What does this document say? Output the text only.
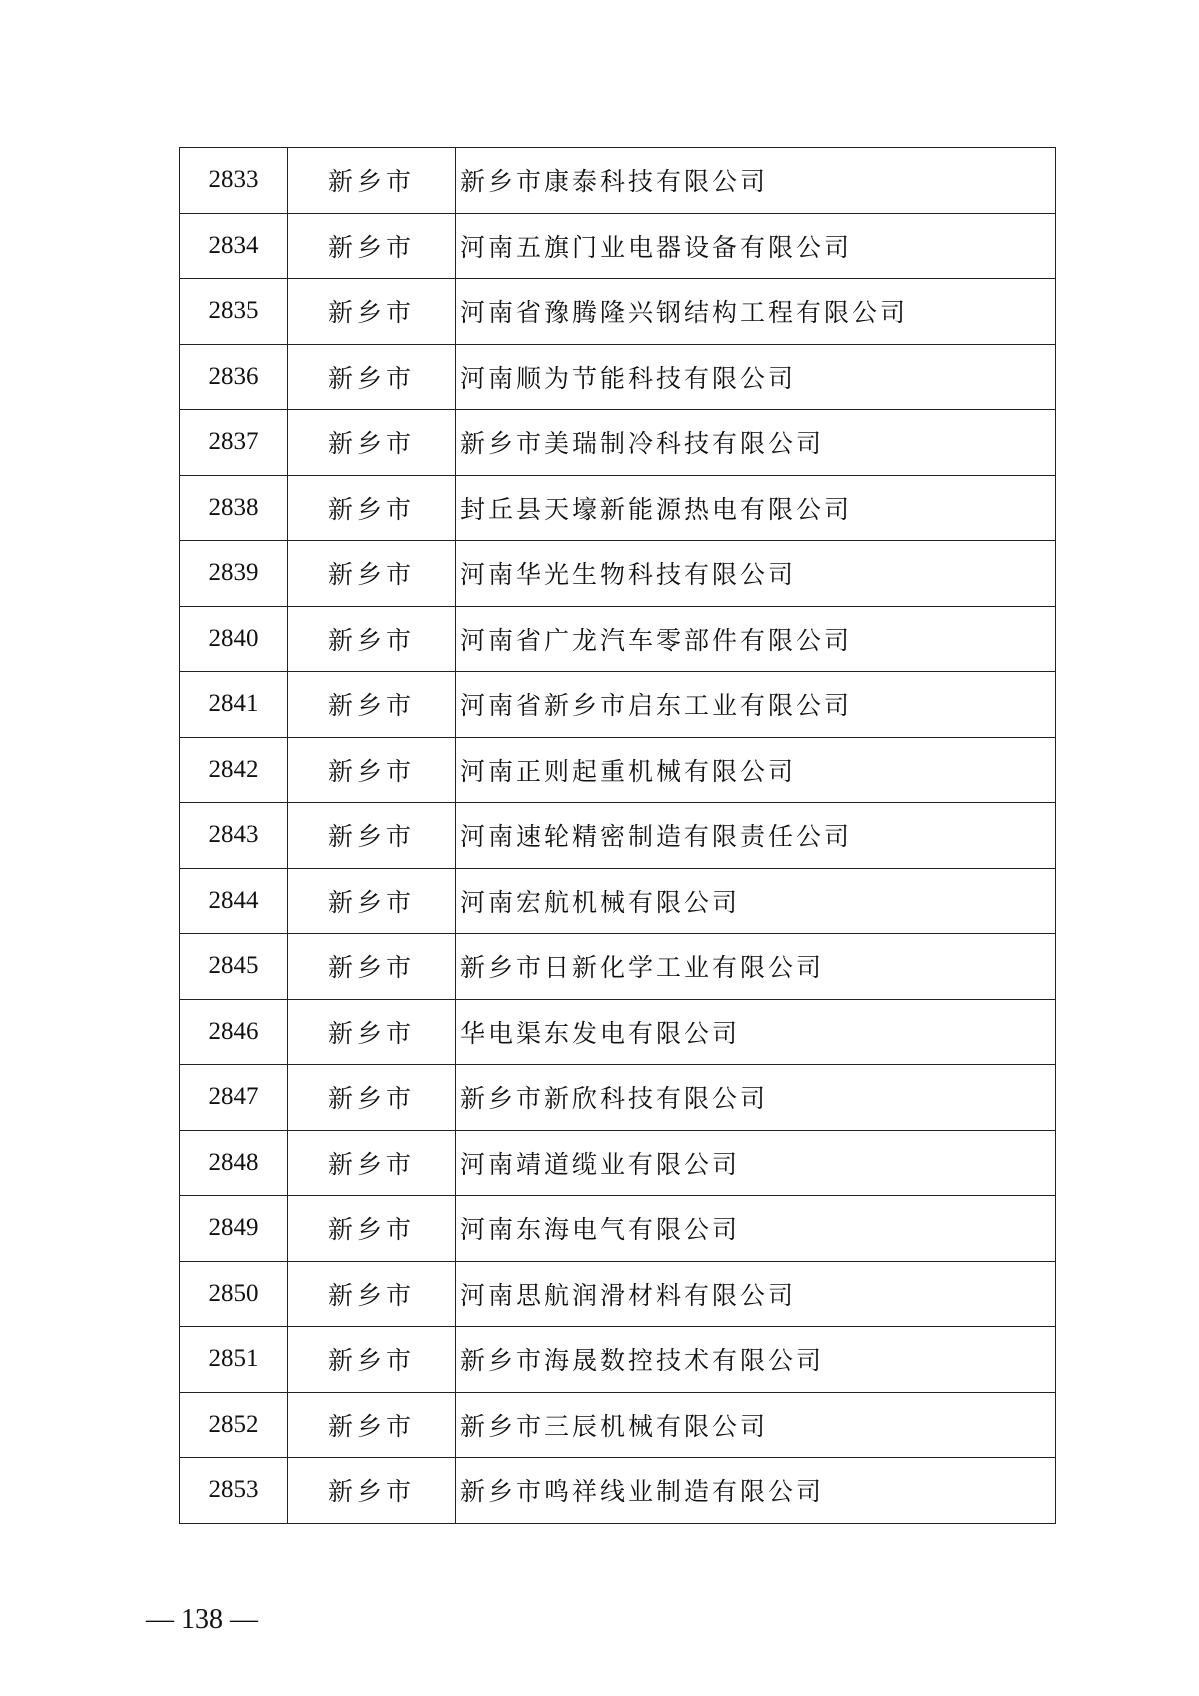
2833	新乡市	新乡市康泰科技有限公司
2834	新乡市	河南五旗门业电器设备有限公司
2835	新乡市	河南省豫腾隆兴钢结构工程有限公司
2836	新乡市	河南顺为节能科技有限公司
2837	新乡市	新乡市美瑞制冷科技有限公司
2838	新乡市	封丘县天壕新能源热电有限公司
2839	新乡市	河南华光生物科技有限公司
2840	新乡市	河南省广龙汽车零部件有限公司
2841	新乡市	河南省新乡市启东工业有限公司
2842	新乡市	河南正则起重机械有限公司
2843	新乡市	河南速轮精密制造有限责任公司
2844	新乡市	河南宏航机械有限公司
2845	新乡市	新乡市日新化学工业有限公司
2846	新乡市	华电渠东发电有限公司
2847	新乡市	新乡市新欣科技有限公司
2848	新乡市	河南靖道缆业有限公司
2849	新乡市	河南东海电气有限公司
2850	新乡市	河南思航润滑材料有限公司
2851	新乡市	新乡市海晟数控技术有限公司
2852	新乡市	新乡市三辰机械有限公司
2853	新乡市	新乡市鸣祥线业制造有限公司
— 138 —
